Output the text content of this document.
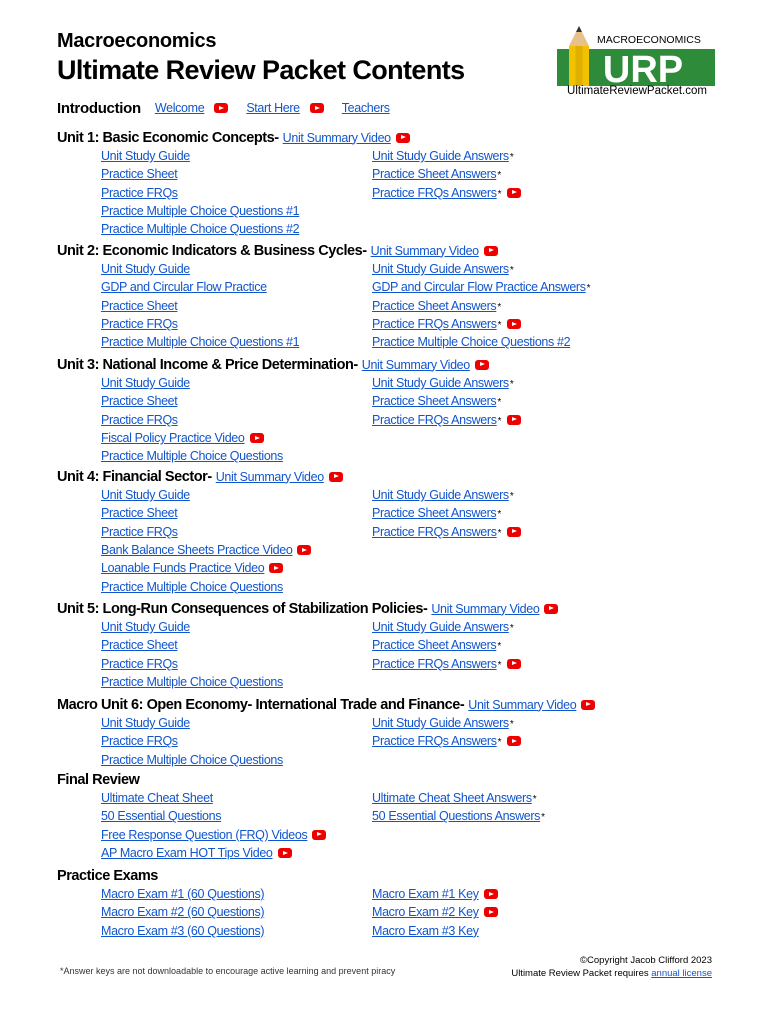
Macroeconomics
Ultimate Review Packet Contents
MACROECONOMICS
URP
UltimateReviewPacket.com
Introduction Welcome	Start Here	Teachers
Unit 1: Basic Economic Concepts- Unit Summary Video
Unit Study Guide	Unit Study Guide Answers*
Practice Sheet	Practice Sheet Answers*
Practice FRQs	Practice FRQs Answers*
Practice Multiple Choice Questions #1
Practice Multiple Choice Questions #2
Unit 2: Economic Indicators & Business Cycles- Unit Summary Video
Unit Study Guide	Unit Study Guide Answers*
GDP and Circular Flow Practice	GDP and Circular Flow Practice Answers*
Practice Sheet	Practice Sheet Answers*
Practice FRQs	Practice FRQs Answers*
Practice Multiple Choice Questions #1	Practice Multiple Choice Questions #2
Unit 3: National Income & Price Determination- Unit Summary Video
Unit Study Guide	Unit Study Guide Answers*
Practice Sheet	Practice Sheet Answers*
Practice FRQs	Practice FRQs Answers*
Fiscal Policy Practice Video
Practice Multiple Choice Questions
Unit 4: Financial Sector- Unit Summary Video
Unit Study Guide	Unit Study Guide Answers*
Practice Sheet	Practice Sheet Answers*
Practice FRQs	Practice FRQs Answers*
Bank Balance Sheets Practice Video
Loanable Funds Practice Video
Practice Multiple Choice Questions
Unit 5: Long-Run Consequences of Stabilization Policies- Unit Summary Video
Unit Study Guide	Unit Study Guide Answers*
Practice Sheet	Practice Sheet Answers*
Practice FRQs	Practice FRQs Answers*
Practice Multiple Choice Questions
Macro Unit 6: Open Economy- International Trade and Finance- Unit Summary Video
Unit Study Guide	Unit Study Guide Answers*
Practice FRQs	Practice FRQs Answers*
Practice Multiple Choice Questions
Final Review
Ultimate Cheat Sheet	Ultimate Cheat Sheet Answers*
50 Essential Questions	50 Essential Questions Answers*
Free Response Question (FRQ) Videos
AP Macro Exam HOT Tips Video
Practice Exams
Macro Exam #1 (60 Questions)	Macro Exam #1 Key
Macro Exam #2 (60 Questions)	Macro Exam #2 Key
Macro Exam #3 (60 Questions)	Macro Exam #3 Key
*Answer keys are not downloadable to encourage active learning and prevent piracy
©Copyright Jacob Clifford 2023
Ultimate Review Packet requires annual license
